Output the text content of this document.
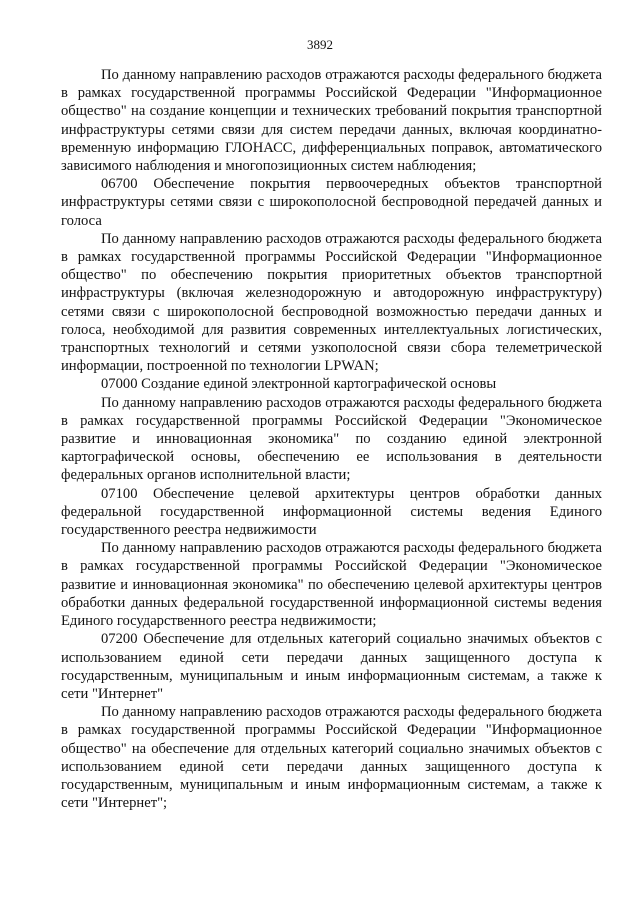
3892

По данному направлению расходов отражаются расходы федерального бюджета в рамках государственной программы Российской Федерации "Информационное общество" на создание концепции и технических требований покрытия транспортной инфраструктуры сетями связи для систем передачи данных, включая координатно-временную информацию ГЛОНАСС, дифференциальных поправок, автоматического зависимого наблюдения и многопозиционных систем наблюдения;

06700 Обеспечение покрытия первоочередных объектов транспортной инфраструктуры сетями связи с широкополосной беспроводной передачей данных и голоса

По данному направлению расходов отражаются расходы федерального бюджета в рамках государственной программы Российской Федерации "Информационное общество" по обеспечению покрытия приоритетных объектов транспортной инфраструктуры (включая железнодорожную и автодорожную инфраструктуру) сетями связи с широкополосной беспроводной возможностью передачи данных и голоса, необходимой для развития современных интеллектуальных логистических, транспортных технологий и сетями узкополосной связи сбора телеметрической информации, построенной по технологии LPWAN;

07000 Создание единой электронной картографической основы

По данному направлению расходов отражаются расходы федерального бюджета в рамках государственной программы Российской Федерации "Экономическое развитие и инновационная экономика" по созданию единой электронной картографической основы, обеспечению ее использования в деятельности федеральных органов исполнительной власти;

07100 Обеспечение целевой архитектуры центров обработки данных федеральной государственной информационной системы ведения Единого государственного реестра недвижимости

По данному направлению расходов отражаются расходы федерального бюджета в рамках государственной программы Российской Федерации "Экономическое развитие и инновационная экономика" по обеспечению целевой архитектуры центров обработки данных федеральной государственной информационной системы ведения Единого государственного реестра недвижимости;

07200 Обеспечение для отдельных категорий социально значимых объектов с использованием единой сети передачи данных защищенного доступа к государственным, муниципальным и иным информационным системам, а также к сети "Интернет"

По данному направлению расходов отражаются расходы федерального бюджета в рамках государственной программы Российской Федерации "Информационное общество" на обеспечение для отдельных категорий социально значимых объектов с использованием единой сети передачи данных защищенного доступа к государственным, муниципальным и иным информационным системам, а также к сети "Интернет";
